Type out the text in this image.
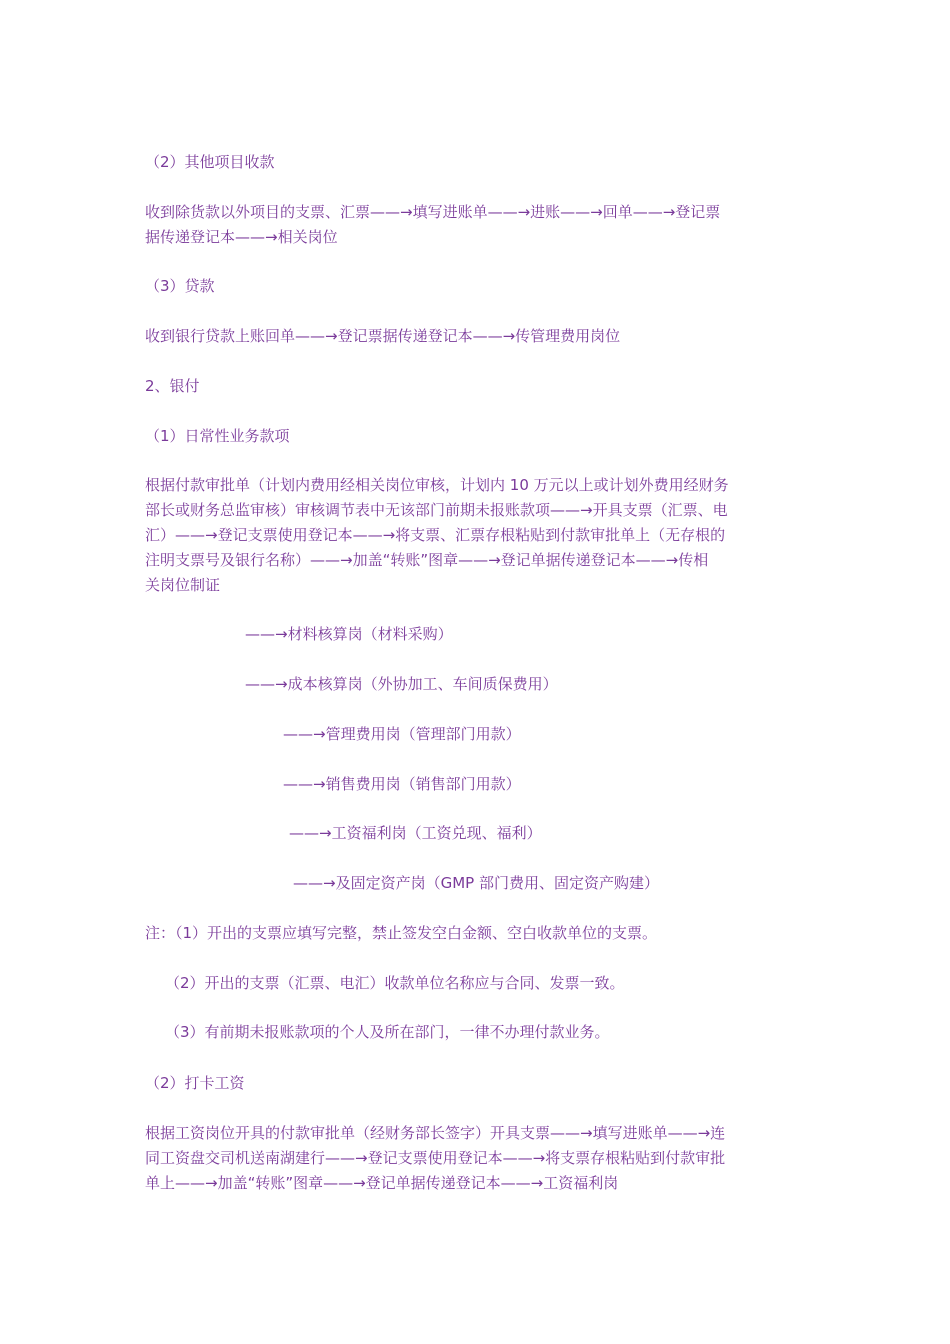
（2）其他项目收款
收到除货款以外项目的支票、汇票——→填写进账单——→进账——→回单——→登记票
据传递登记本——→相关岗位
（3）贷款
收到银行贷款上账回单——→登记票据传递登记本——→传管理费用岗位
2、银付
（1）日常性业务款项
根据付款审批单（计划内费用经相关岗位审核，计划内 10 万元以上或计划外费用经财务
部长或财务总监审核）审核调节表中无该部门前期未报账款项——→开具支票（汇票、电
汇）——→登记支票使用登记本——→将支票、汇票存根粘贴到付款审批单上（无存根的
注明支票号及银行名称）——→加盖“转账”图章——→登记单据传递登记本——→传相
关岗位制证
——→材料核算岗（材料采购）
——→成本核算岗（外协加工、车间质保费用）
——→管理费用岗（管理部门用款）
——→销售费用岗（销售部门用款）
——→工资福利岗（工资兑现、福利）
——→及固定资产岗（GMP 部门费用、固定资产购建）
注：（1）开出的支票应填写完整，禁止签发空白金额、空白收款单位的支票。
（2）开出的支票（汇票、电汇）收款单位名称应与合同、发票一致。
（3）有前期未报账款项的个人及所在部门，一律不办理付款业务。
（2）打卡工资
根据工资岗位开具的付款审批单（经财务部长签字）开具支票——→填写进账单——→连
同工资盘交司机送南湖建行——→登记支票使用登记本——→将支票存根粘贴到付款审批
单上——→加盖“转账”图章——→登记单据传递登记本——→工资福利岗
